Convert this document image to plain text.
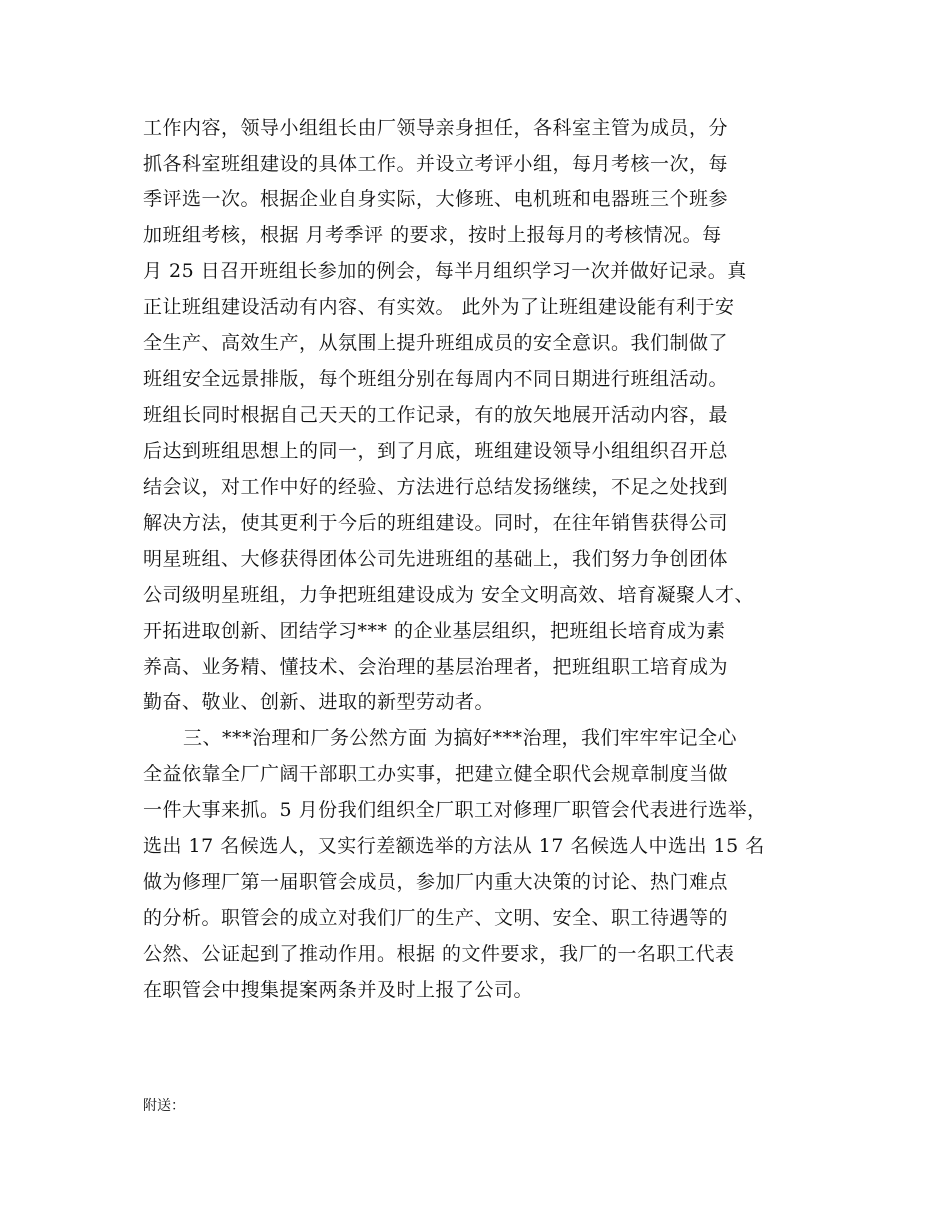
工作内容，领导小组组长由厂领导亲身担任，各科室主管为成员，分
抓各科室班组建设的具体工作。并设立考评小组，每月考核一次，每
季评选一次。根据企业自身实际，大修班、电机班和电器班三个班参
加班组考核，根据 月考季评 的要求，按时上报每月的考核情况。每
月 25 日召开班组长参加的例会，每半月组织学习一次并做好记录。真
正让班组建设活动有内容、有实效。 此外为了让班组建设能有利于安
全生产、高效生产，从氛围上提升班组成员的安全意识。我们制做了
班组安全远景排版，每个班组分别在每周内不同日期进行班组活动。
班组长同时根据自己天天的工作记录，有的放矢地展开活动内容，最
后达到班组思想上的同一，到了月底，班组建设领导小组组织召开总
结会议，对工作中好的经验、方法进行总结发扬继续，不足之处找到
解决方法，使其更利于今后的班组建设。同时，在往年销售获得公司
明星班组、大修获得团体公司先进班组的基础上，我们努力争创团体
公司级明星班组，力争把班组建设成为 安全文明高效、培育凝聚人才、
开拓进取创新、团结学习*** 的企业基层组织，把班组长培育成为素
养高、业务精、懂技术、会治理的基层治理者，把班组职工培育成为
勤奋、敬业、创新、进取的新型劳动者。
三、***治理和厂务公然方面 为搞好***治理，我们牢牢牢记全心
全益依靠全厂广阔干部职工办实事，把建立健全职代会规章制度当做
一件大事来抓。5 月份我们组织全厂职工对修理厂职管会代表进行选举，
选出 17 名候选人，又实行差额选举的方法从 17 名候选人中选出 15 名
做为修理厂第一届职管会成员，参加厂内重大决策的讨论、热门难点
的分析。职管会的成立对我们厂的生产、文明、安全、职工待遇等的
公然、公证起到了推动作用。根据 的文件要求，我厂的一名职工代表
在职管会中搜集提案两条并及时上报了公司。
附送：
